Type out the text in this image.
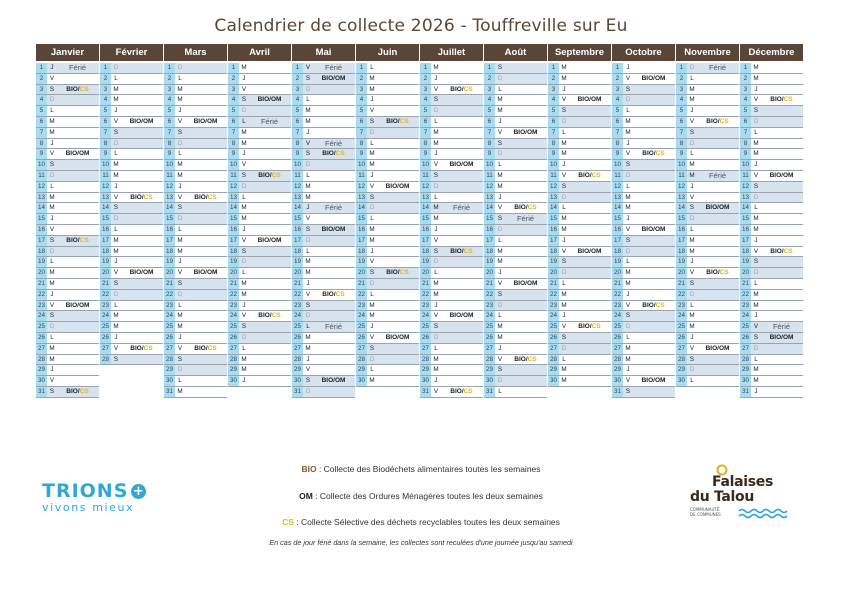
Calendrier de collecte 2026 - Touffreville sur Eu
Janvier
1	J	Férié
2	V
3	S	BIO/CS
4	D
5	L
6 M
7 M
8	J
9	V	BIO/OM
10 S
11 D
12 L
13 M
14 M
15 J
16 V
17 S	BIO/CS
18 D
19 L
20 M
21 M
22 J
23 V	BIO/OM
24 S
25 D
26 L
27 M
28 M
29 J
30 V
31 S	BIO/CS
Février
1	D
2	L
3 M
4 M
5	J
6	V	BIO/OM
7	S
8	D
9	L
10 M
11 M
12 J
13 V	BIO/CS
14 S
15 D
16 L
17 M
18 M
19 J
20 V	BIO/OM
21 S
22 D
23 L
24 M
25 M
26 J
27 V	BIO/CS
28 S
Mars
1	D
2	L
3 M
4 M
5	J
6	V	BIO/OM
7	S
8	D
9	L
10 M
11 M
12 J
13 V	BIO/CS
14 S
15 D
16 L
17 M
18 M
19 J
20 V	BIO/OM
21 S
22 D
23 L
24 M
25 M
26 J
27 V	BIO/CS
28 S
29 D
30 L
31 M
Avril
1 M
2	J
3	V
4	S	BIO/OM
5	D
6	L	Férié
7 M
8 M
9	J
10 V
11 S	BIO/CS
12 D
13 L
14 M
15 M
16 J
17 V	BIO/OM
18 S
19 D
20 L
21 M
22 M
23 J
24 V	BIO/CS
25 S
26 D
27 L
28 M
29 M
30 J
Mai
1	V	Férié
2	S	BIO/OM
3	D
4	L
5 M
6 M
7	J
8	V	Férié
9	S	BIO/CS
10 D
11 L
12 M
13 M
14 J	Férié
15 V
16 S	BIO/OM
17 D
18 L
19 M
20 M
21 J
22 V	BIO/CS
23 S
24 D
25 L	Férié
26 M
27 M
28 J
29 V
30 S	BIO/OM
31 D
Juin
1	L
2 M
3 M
4	J
5	V
6	S	BIO/CS
7	D
8	L
9 M
10 M
11 J
12 V	BIO/OM
13 S
14 D
15 L
16 M
17 M
18 J
19 V
20 S	BIO/CS
21 D
22 L
23 M
24 M
25 J
26 V	BIO/OM
27 S
28 D
29 L
30 M
Juillet
1 M
2	J
3	V	BIO/CS
4	S
5	D
6	L
7 M
8 M
9	J
10 V	BIO/OM
11 S
12 D
13 L
14 M	Férié
15 M
16 J
17 V
18 S	BIO/CS
19 D
20 L
21 M
22 M
23 J
24 V	BIO/OM
25 S
26 D
27 L
28 M
29 M
30 J
31 V	BIO/CS
Août
1	S
2	D
3	L
4 M
5 M
6	J
7	V	BIO/OM
8	S
9	D
10 L
11 M
12 M
13 J
14 V	BIO/CS
15 S	Férié
16 D
17 L
18 M
19 M
20 J
21 V	BIO/OM
22 S
23 D
24 L
25 M
26 M
27 J
28 V	BIO/CS
29 S
30 D
31 L
Septembre
1 M
2 M
3	J
4	V	BIO/OM
5	S
6	D
7	L
8 M
9 M
10 J
11 V	BIO/CS
12 S
13 D
14 L
15 M
16 M
17 J
18 V	BIO/OM
19 S
20 D
21 L
22 M
23 M
24 J
25 V	BIO/CS
26 S
27 D
28 L
29 M
30 M
Octobre
1	J
2	V	BIO/OM
3	S
4	D
5	L
6 M
7 M
8	J
9	V	BIO/CS
10 S
11 D
12 L
13 M
14 M
15 J
16 V	BIO/OM
17 S
18 D
19 L
20 M
21 M
22 J
23 V	BIO/CS
24 S
25 D
26 L
27 M
28 M
29 J
30 V	BIO/OM
31 S
Novembre
1	D	Férié
2	L
3 M
4 M
5	J
6	V	BIO/CS
7	S
8	D
9	L
10 M
11 M	Férié
12 J
13 V
14 S	BIO/OM
15 D
16 L
17 M
18 M
19 J
20 V	BIO/CS
21 S
22 D
23 L
24 M
25 M
26 J
27 V	BIO/OM
28 S
29 D
30 L
Décembre
1 M
2 M
3	J
4	V	BIO/CS
5	S
6	D
7	L
8 M
9 M
10 J
11 V	BIO/OM
12 S
13 D
14 L
15 M
16 M
17 J
18 V	BIO/CS
19 S
20 D
21 L
22 M
23 M
24 J
25 V	Férié
26 S	BIO/OM
27 D
28 L
29 M
30 M
31 J
BIO : Collecte des Biodéchets alimentaires toutes les semaines
OM : Collecte des Ordures Ménagères toutes les deux semaines
CS : Collecte Sélective des déchets recyclables toutes les deux semaines
En cas de jour férié dans la semaine, les collectes sont reculées d'une journée jusqu'au samedi
TRIONS +
vivons mieux
Falaises
du Talou
COMMUNAUTÉ
DE COMMUNES
